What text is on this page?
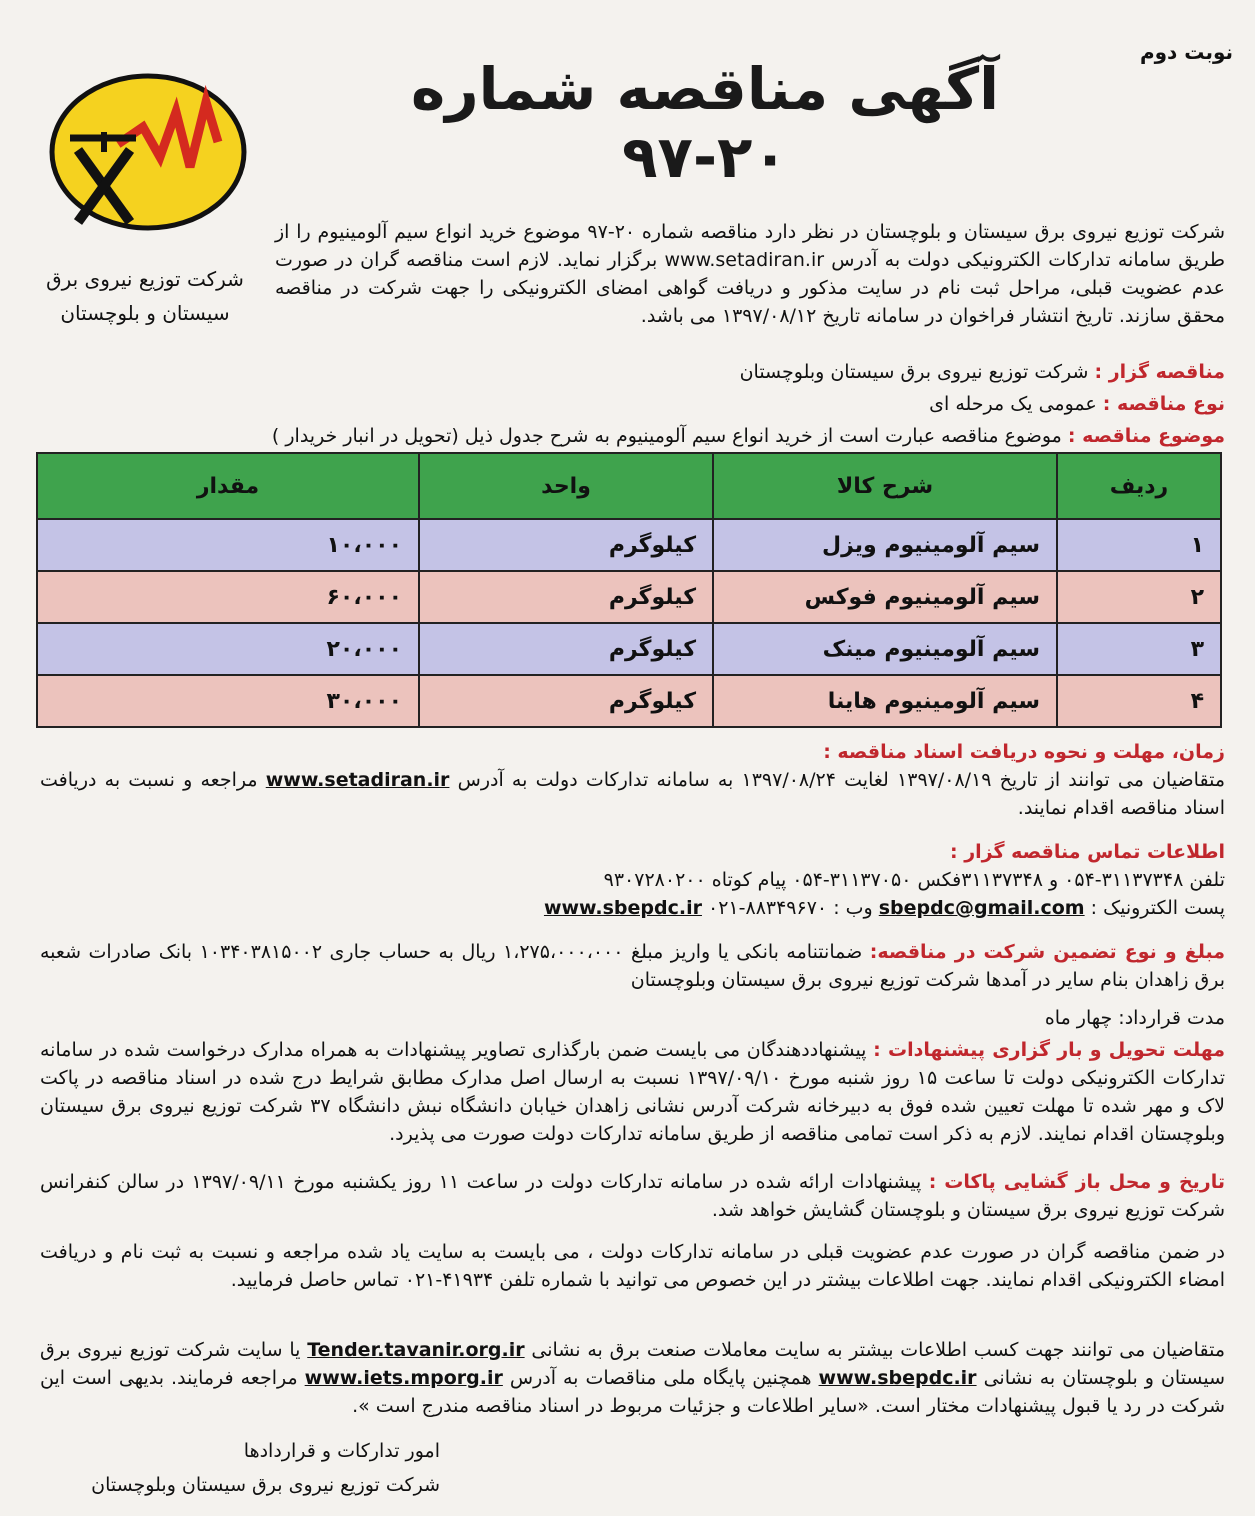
نوبت دوم
آگهی مناقصه شماره ۲۰-۹۷
شرکت توزیع نیروی برق
سیستان و بلوچستان
شرکت توزیع نیروی برق سیستان و بلوچستان در نظر دارد مناقصه شماره ۲۰-۹۷ موضوع خرید انواع سیم آلومینیوم را از طریق سامانه تدارکات الکترونیکی دولت به آدرس www.setadiran.ir برگزار نماید. لازم است مناقصه گران در صورت عدم عضویت قبلی، مراحل ثبت نام در سایت مذکور و دریافت گواهی امضای الکترونیکی را جهت شرکت در مناقصه محقق سازند. تاریخ انتشار فراخوان در سامانه تاریخ ۱۳۹۷/۰۸/۱۲ می باشد.
مناقصه گزار : شرکت توزیع نیروی برق سیستان وبلوچستان
نوع مناقصه : عمومی یک مرحله ای
موضوع مناقصه : موضوع مناقصه عبارت است از خرید انواع سیم آلومینیوم به شرح جدول ذیل (تحویل در انبار خریدار )
ردیف	شرح کالا	واحد	مقدار
۱	سیم آلومینیوم ویزل	کیلوگرم	۱۰،۰۰۰
۲	سیم آلومینیوم فوکس	کیلوگرم	۶۰،۰۰۰
۳	سیم آلومینیوم مینک	کیلوگرم	۲۰،۰۰۰
۴	سیم آلومینیوم هاینا	کیلوگرم	۳۰،۰۰۰
زمان، مهلت و نحوه دریافت اسناد مناقصه :
متقاضیان می توانند از تاریخ ۱۳۹۷/۰۸/۱۹ لغایت ۱۳۹۷/۰۸/۲۴ به سامانه تدارکات دولت به آدرس www.setadiran.ir مراجعه و نسبت به دریافت اسناد مناقصه اقدام نمایند.
اطلاعات تماس مناقصه گزار :
تلفن ۳۱۱۳۷۳۴۸-۰۵۴ و ۳۱۱۳۷۳۴۸فکس ۳۱۱۳۷۰۵۰-۰۵۴ پیام کوتاه ۹۳۰۷۲۸۰۲۰۰
پست الکترونیک : sbepdc@gmail.com وب : www.sbepdc.ir ۰۲۱-۸۸۳۴۹۶۷۰
مبلغ و نوع تضمین شرکت در مناقصه: ضمانتنامه بانکی یا واریز مبلغ ۱،۲۷۵،۰۰۰،۰۰۰ ریال به حساب جاری ۱۰۳۴۰۳۸۱۵۰۰۲ بانک صادرات شعبه برق زاهدان بنام سایر در آمدها شرکت توزیع نیروی برق سیستان وبلوچستان
مدت قرارداد: چهار ماه
مهلت تحویل و بار گزاری پیشنهادات : پیشنهاددهندگان می بایست ضمن بارگذاری تصاویر پیشنهادات به همراه مدارک درخواست شده در سامانه تدارکات الکترونیکی دولت تا ساعت ۱۵ روز شنبه مورخ ۱۳۹۷/۰۹/۱۰ نسبت به ارسال اصل مدارک مطابق شرایط درج شده در اسناد مناقصه در پاکت لاک و مهر شده تا مهلت تعیین شده فوق به دبیرخانه شرکت آدرس نشانی زاهدان خیابان دانشگاه نبش دانشگاه ۳۷ شرکت توزیع نیروی برق سیستان وبلوچستان اقدام نمایند. لازم به ذکر است تمامی مناقصه از طریق سامانه تدارکات دولت صورت می پذیرد.
تاریخ و محل باز گشایی پاکات : پیشنهادات ارائه شده در سامانه تدارکات دولت در ساعت ۱۱ روز یکشنبه مورخ ۱۳۹۷/۰۹/۱۱ در سالن کنفرانس شرکت توزیع نیروی برق سیستان و بلوچستان گشایش خواهد شد.
در ضمن مناقصه گران در صورت عدم عضویت قبلی در سامانه تدارکات دولت ، می بایست به سایت یاد شده مراجعه و نسبت به ثبت نام و دریافت امضاء الکترونیکی اقدام نمایند. جهت اطلاعات بیشتر در این خصوص می توانید با شماره تلفن ۴۱۹۳۴-۰۲۱ تماس حاصل فرمایید.
متقاضیان می توانند جهت کسب اطلاعات بیشتر به سایت معاملات صنعت برق به نشانی Tender.tavanir.org.ir یا سایت شرکت توزیع نیروی برق سیستان و بلوچستان به نشانی www.sbepdc.ir همچنین پایگاه ملی مناقصات به آدرس www.iets.mporg.ir مراجعه فرمایند. بدیهی است این شرکت در رد یا قبول پیشنهادات مختار است. «سایر اطلاعات و جزئیات مربوط در اسناد مناقصه مندرج است ».
امور تدارکات و قراردادها
شرکت توزیع نیروی برق سیستان وبلوچستان
